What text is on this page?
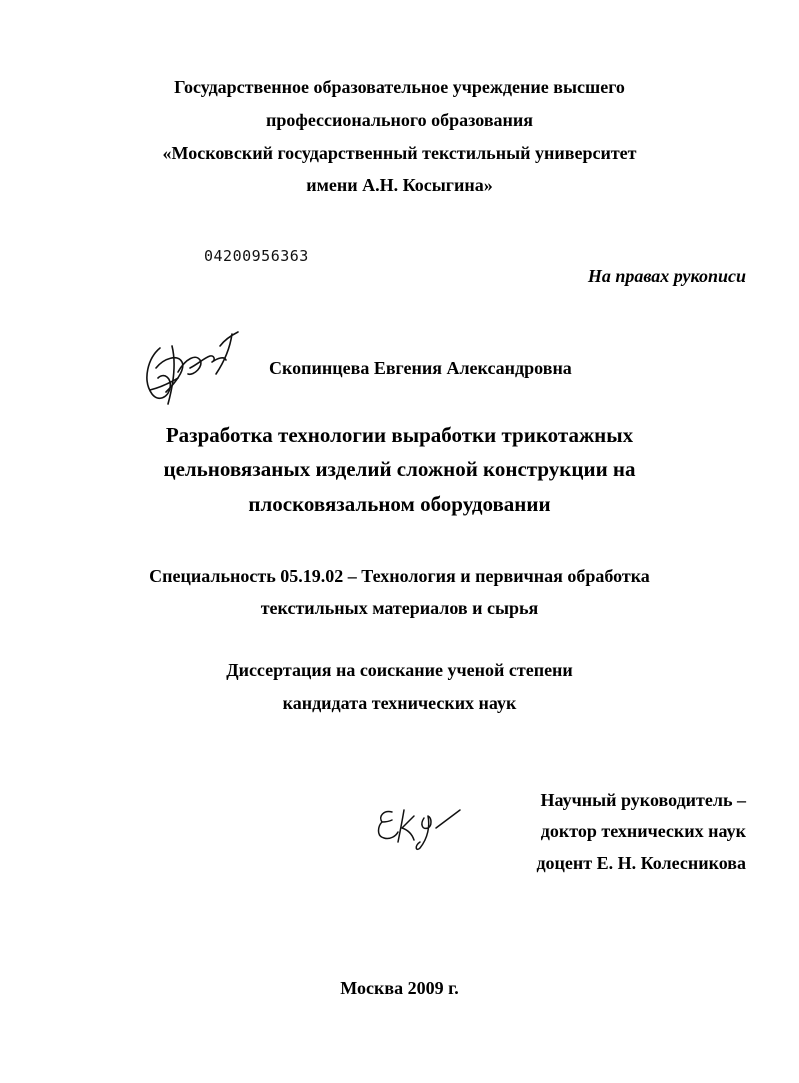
Государственное образовательное учреждение высшего
профессионального образования
«Московский государственный текстильный университет
имени А.Н. Косыгина»
04200956363
На правах рукописи
Скопинцева Евгения Александровна
Разработка технологии выработки трикотажных
цельновязаных изделий сложной конструкции на
плосковязальном оборудовании
Специальность 05.19.02 – Технология и первичная обработка
текстильных материалов и сырья
Диссертация на соискание ученой степени
кандидата технических наук
Научный руководитель –
доктор технических наук
доцент Е. Н. Колесникова
Москва 2009 г.
